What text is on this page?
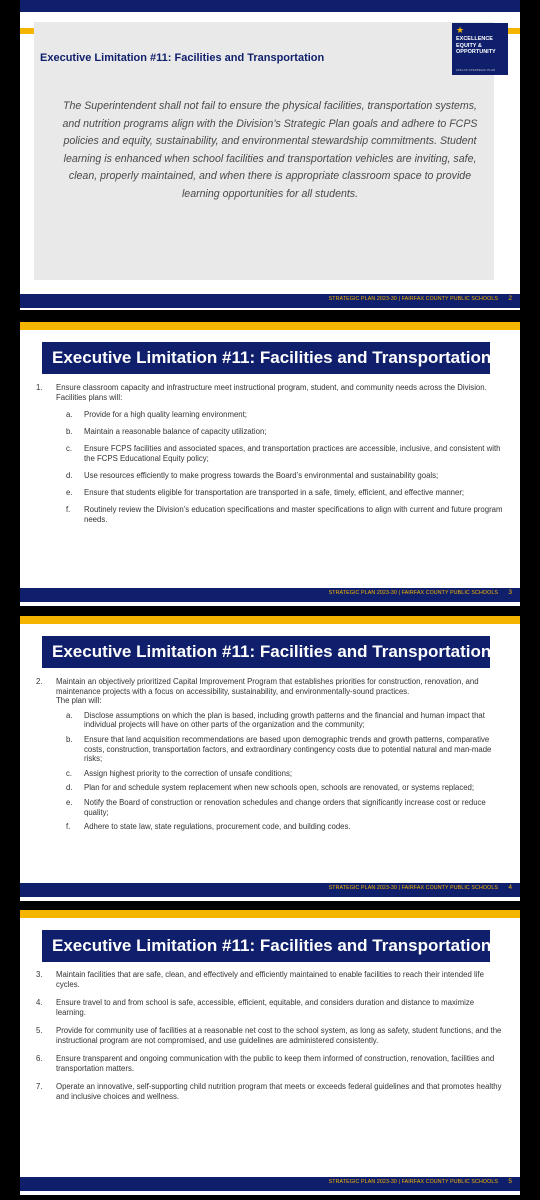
Executive Limitation #11: Facilities and Transportation
★
EXCELLENCE EQUITY & OPPORTUNITY
2023-30 STRATEGIC PLAN
The Superintendent shall not fail to ensure the physical facilities, transportation systems, and nutrition programs align with the Division’s Strategic Plan goals and adhere to FCPS policies and equity, sustainability, and environmental stewardship commitments. Student learning is enhanced when school facilities and transportation vehicles are inviting, safe, clean, properly maintained, and when there is appropriate classroom space to provide learning opportunities for all students.
STRATEGIC PLAN 2023-30 | FAIRFAX COUNTY PUBLIC SCHOOLS 2
Executive Limitation #11: Facilities and Transportation
1.	Ensure classroom capacity and infrastructure meet instructional program, student, and community needs across the Division. Facilities plans will:
a.	Provide for a high quality learning environment;
b.	Maintain a reasonable balance of capacity utilization;
c.	Ensure FCPS facilities and associated spaces, and transportation practices are accessible, inclusive, and consistent with the FCPS Educational Equity policy;
d.	Use resources efficiently to make progress towards the Board’s environmental and sustainability goals;
e.	Ensure that students eligible for transportation are transported in a safe, timely, efficient, and effective manner;
f.	Routinely review the Division’s education specifications and master specifications to align with current and future program needs.
STRATEGIC PLAN 2023-30 | FAIRFAX COUNTY PUBLIC SCHOOLS 3
Executive Limitation #11: Facilities and Transportation
2.	Maintain an objectively prioritized Capital Improvement Program that establishes priorities for construction, renovation, and maintenance projects with a focus on accessibility, sustainability, and environmentally-sound practices.
The plan will:
a.	Disclose assumptions on which the plan is based, including growth patterns and the financial and human impact that individual projects will have on other parts of the organization and the community;
b.	Ensure that land acquisition recommendations are based upon demographic trends and growth patterns, comparative costs, construction, transportation factors, and extraordinary contingency costs due to potential natural and man-made risks;
c.	Assign highest priority to the correction of unsafe conditions;
d.	Plan for and schedule system replacement when new schools open, schools are renovated, or systems replaced;
e.	Notify the Board of construction or renovation schedules and change orders that significantly increase cost or reduce quality;
f.	Adhere to state law, state regulations, procurement code, and building codes.
STRATEGIC PLAN 2023-30 | FAIRFAX COUNTY PUBLIC SCHOOLS 4
Executive Limitation #11: Facilities and Transportation
3.	Maintain facilities that are safe, clean, and effectively and efficiently maintained to enable facilities to reach their intended life cycles.
4.	Ensure travel to and from school is safe, accessible, efficient, equitable, and considers duration and distance to maximize learning.
5.	Provide for community use of facilities at a reasonable net cost to the school system, as long as safety, student functions, and the instructional program are not compromised, and use guidelines are administered consistently.
6.	Ensure transparent and ongoing communication with the public to keep them informed of construction, renovation, facilities and transportation matters.
7.	Operate an innovative, self-supporting child nutrition program that meets or exceeds federal guidelines and that promotes healthy and inclusive choices and wellness.
STRATEGIC PLAN 2023-30 | FAIRFAX COUNTY PUBLIC SCHOOLS 5
